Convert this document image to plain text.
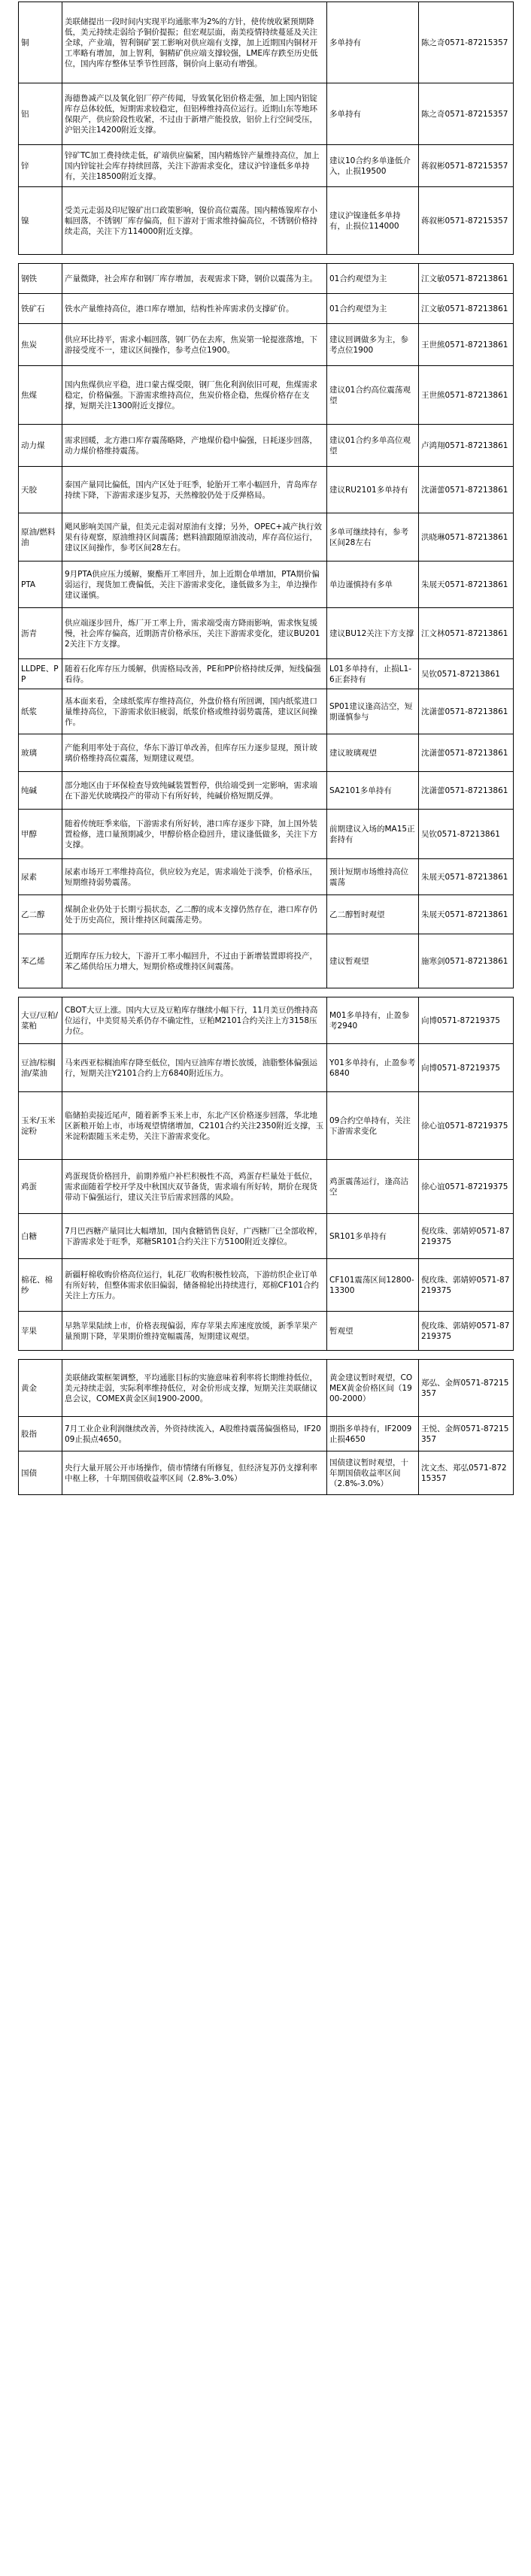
铜	美联储提出一段时间内实现平均通胀率为2%的方针，使传统收紧预期降低，美元持续走弱给予铜价提振；但宏观层面，南美疫情持续蔓延及关注全球，产业端，智利铜矿罢工影响对供应端有支撑，加上近期国内铜材开工率略有增加，加上智利，铜精矿供应端支撑较强，LME库存跌至历史低位，国内库存整体呈季节性回落，铜价向上驱动有增强。	多单持有	陈之奇0571-87215357
铝	海德鲁减产以及氧化铝厂停产传闻，导致氧化铝价格走强，加上国内铝锭库存总体较低，短期需求较稳定，但铝棒维持高位运行。近期山东等地环保限产，供应阶段性收紧，不过由于新增产能投放，铝价上行空间受压，沪铝关注14200附近支撑。	多单持有	陈之奇0571-87215357
锌	锌矿TC加工费持续走低，矿端供应偏紧，国内精炼锌产量维持高位，加上国内锌锭社会库存持续回落，关注下游需求变化，建议沪锌逢低多单持有，关注18500附近支撑。	建议10合约多单逢低介入，止损19500	蒋叙彬0571-87215357
镍	受美元走弱及印尼镍矿出口政策影响，镍价高位震荡。国内精炼镍库存小幅回落，不锈钢厂库存偏高，但下游对于需求维持偏高位，不锈钢价格持续走高，关注下方114000附近支撑。	建议沪镍逢低多单持有，止损位114000	蒋叙彬0571-87215357

钢铁	产量微降，社会库存和钢厂库存增加，表观需求下降，钢价以震荡为主。	01合约观望为主	江文敏0571-87213861
铁矿石	铁水产量维持高位，港口库存增加，结构性补库需求仍支撑矿价。	01合约观望为主	江文敏0571-87213861
焦炭	供应环比持平，需求小幅回落，钢厂仍在去库，焦炭第一轮提涨落地，下游接受度不一，建议区间操作，参考点位1900。	建议回调做多为主，参考点位1900	王世熊0571-87213861
焦煤	国内焦煤供应平稳，进口蒙古煤受限，钢厂焦化利润依旧可观，焦煤需求稳定，价格偏强。下游需求维持高位，焦炭价格企稳，焦煤价格存在支撑，短期关注1300附近支撑位。	建议01合约高位震荡观望	王世熊0571-87213861
动力煤	需求回暖，北方港口库存震荡略降，产地煤价稳中偏强，日耗逐步回落，动力煤价格维持震荡。	建议01合约多单高位观望	卢鸿翔0571-87213861
天胶	泰国产量同比偏低，国内产区处于旺季，轮胎开工率小幅回升，青岛库存持续下降，下游需求逐步复苏，天然橡胶仍处于反弹格局。	建议RU2101多单持有	沈潇蕾0571-87213861
原油/燃料油	飓风影响美国产量，但美元走弱对原油有支撑；另外，OPEC+减产执行效果有待观察，原油维持区间震荡；燃料油跟随原油波动，库存高位运行，建议区间操作，参考区间28左右。	多单可继续持有，参考区间28左右	洪晓琳0571-87213861
PTA	9月PTA供应压力缓解，聚酯开工率回升，加上近期仓单增加，PTA期价偏弱运行，现货加工费偏低，关注下游需求变化，逢低做多为主，单边操作建议谨慎。	单边谨慎持有多单	朱展天0571-87213861
沥青	供应端逐步回升，炼厂开工率上升，需求端受南方降雨影响，需求恢复缓慢，社会库存偏高，近期沥青价格承压，关注下游需求变化，建议BU2012关注下方支撑。	建议BU12关注下方支撑	江文林0571-87213861
LLDPE、PP	随着石化库存压力缓解，供需格局改善，PE和PP价格持续反弹，短线偏强看待。	L01多单持有，止损L1-6正套持有	吴钦0571-87213861
纸浆	基本面来看，全球纸浆库存维持高位，外盘价格有所回调，国内纸浆进口量维持高位，下游需求依旧疲弱，纸浆价格或维持弱势震荡，建议区间操作。	SP01建议逢高沽空，短期谨慎参与	沈潇蕾0571-87213861
玻璃	产能利用率处于高位，华东下游订单改善，但库存压力逐步显现，预计玻璃价格维持高位震荡，短期建议观望。	建议玻璃观望	沈潇蕾0571-87213861
纯碱	部分地区由于环保检查导致纯碱装置暂停，供给端受到一定影响，需求端在下游光伏玻璃投产的带动下有所好转，纯碱价格短期反弹。	SA2101多单持有	沈潇蕾0571-87213861
甲醇	随着传统旺季来临，下游需求有所好转，港口库存逐步下降，加上国外装置检修，进口量预期减少，甲醇价格企稳回升，建议逢低做多，关注下方支撑。	前期建议入场的MA15正套持有	吴钦0571-87213861
尿素	尿素市场开工率维持高位，供应较为充足，需求端处于淡季，价格承压，短期维持弱势震荡。	预计短期市场维持高位震荡	朱展天0571-87213861
乙二醇	煤制企业仍处于长期亏损状态，乙二醇的成本支撑仍然存在，港口库存仍处于历史高位，预计维持区间震荡走势。	乙二醇暂时观望	朱展天0571-87213861
苯乙烯	近期库存压力较大，下游开工率小幅回升，不过由于新增装置即将投产，苯乙烯供给压力增大，短期价格或维持区间震荡。	建议暂观望	施寒剑0571-87213861

大豆/豆粕/菜粕	CBOT大豆上涨。国内大豆及豆粕库存继续小幅下行，11月美豆仍维持高位运行，中美贸易关系仍存不确定性，豆粕M2101合约关注上方3158压力位。	M01多单持有，止盈参考2940	向博0571-87219375
豆油/棕榈油/菜油	马来西亚棕榈油库存降至低位，国内豆油库存增长放缓，油脂整体偏强运行，短期关注Y2101合约上方6840附近压力。	Y01多单持有，止盈参考6840	向博0571-87219375
玉米/玉米淀粉	临储拍卖接近尾声，随着新季玉米上市，东北产区价格逐步回落，华北地区新粮开始上市，市场观望情绪增加，C2101合约关注2350附近支撑，玉米淀粉跟随玉米走势，关注下游需求变化。	09合约空单持有，关注下游需求变化	徐心谊0571-87219375
鸡蛋	鸡蛋现货价格回升，前期养殖户补栏积极性不高，鸡蛋存栏量处于低位，需求面随着学校开学及中秋国庆双节备货，需求端有所好转，期价在现货带动下偏强运行，建议关注节后需求回落的风险。	鸡蛋震荡运行，逢高沽空	徐心谊0571-87219375
白糖	7月巴西糖产量同比大幅增加，国内食糖销售良好，广西糖厂已全部收榨，下游需求处于旺季，郑糖SR101合约关注下方5100附近支撑位。	SR101多单持有	倪玫珠、郭婧婷0571-87219375
棉花、棉纱	新疆籽棉收购价格高位运行，轧花厂收购积极性较高，下游纺织企业订单有所好转，但整体需求依旧偏弱，储备棉轮出持续进行，郑棉CF101合约关注上方压力。	CF101震荡区间12800-13300	倪玫珠、郭婧婷0571-87219375
苹果	早熟苹果陆续上市，价格表现偏弱，库存苹果去库速度放缓，新季苹果产量预期下降，苹果期价维持宽幅震荡，短期建议观望。	暂观望	倪玫珠、郭婧婷0571-87219375

黄金	美联储政策框架调整，平均通胀目标的实施意味着利率将长期维持低位，美元持续走弱，实际利率维持低位，对金价形成支撑，短期关注美联储议息会议，COMEX黄金区间1900-2000。	黄金建议暂时观望，COMEX黄金价格区间（1900-2000）	郑弘、金辉0571-87215357
股指	7月工业企业利润继续改善，外资持续流入，A股维持震荡偏强格局，IF2009止损点4650。	期指多单持有，IF2009止损4650	王悦、金辉0571-87215357
国债	央行大量开展公开市场操作，债市情绪有所修复，但经济复苏仍支撑利率中枢上移，十年期国债收益率区间（2.8%-3.0%）	国债建议暂时观望，十年期国债收益率区间（2.8%-3.0%）	沈文杰、郑弘0571-87215357
